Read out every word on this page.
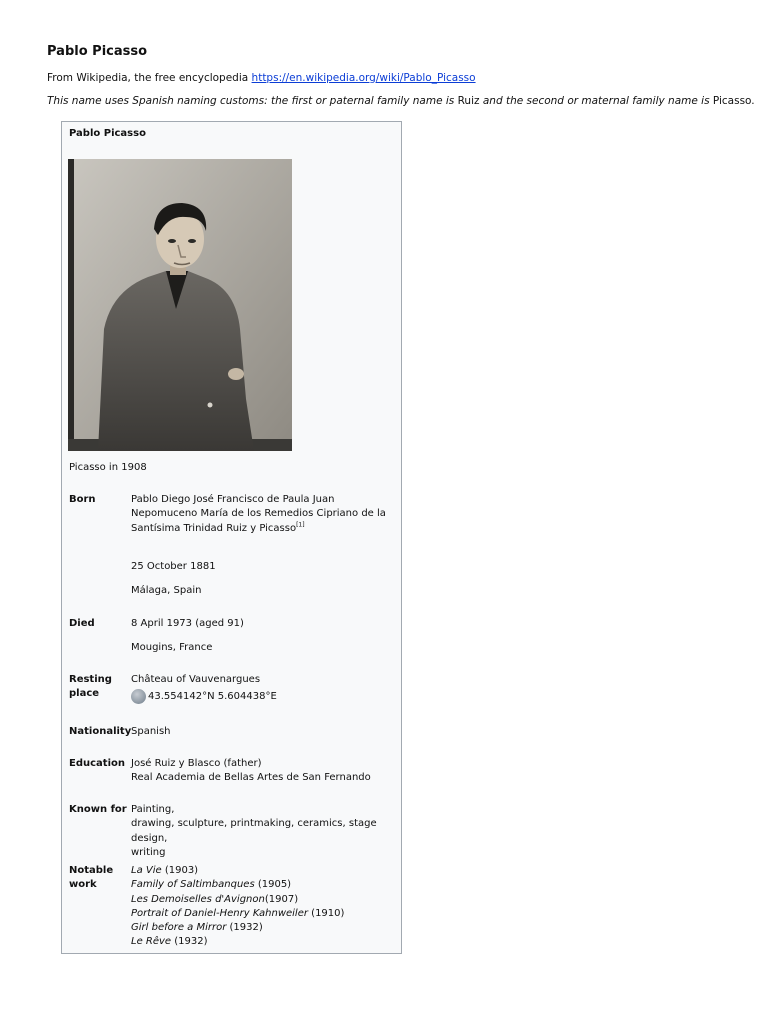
Pablo Picasso
From Wikipedia, the free encyclopedia https://en.wikipedia.org/wiki/Pablo_Picasso
This name uses Spanish naming customs: the first or paternal family name is Ruiz and the second or maternal family name is Picasso.
Pablo Picasso
Picasso in 1908
Born	Pablo Diego José Francisco de Paula Juan Nepomuceno María de los Remedios Cipriano de la Santísima Trinidad Ruiz y Picasso[1]

25 October 1881

Málaga, Spain

Died	8 April 1973 (aged 91)

Mougins, France

Resting
place

Château of Vauvenargues

43.554142°N 5.604438°E

Nationality Spanish
Education José Ruiz y Blasco (father)

Real Academia de Bellas Artes de San Fernando

Known for Painting,

drawing, sculpture, printmaking, ceramics, stage design,

writing

Notable
work

La Vie (1903)

Family of Saltimbanques (1905)

Les Demoiselles d'Avignon(1907)

Portrait of Daniel-Henry Kahnweiler (1910)

Girl before a Mirror (1932)

Le Rêve (1932)
